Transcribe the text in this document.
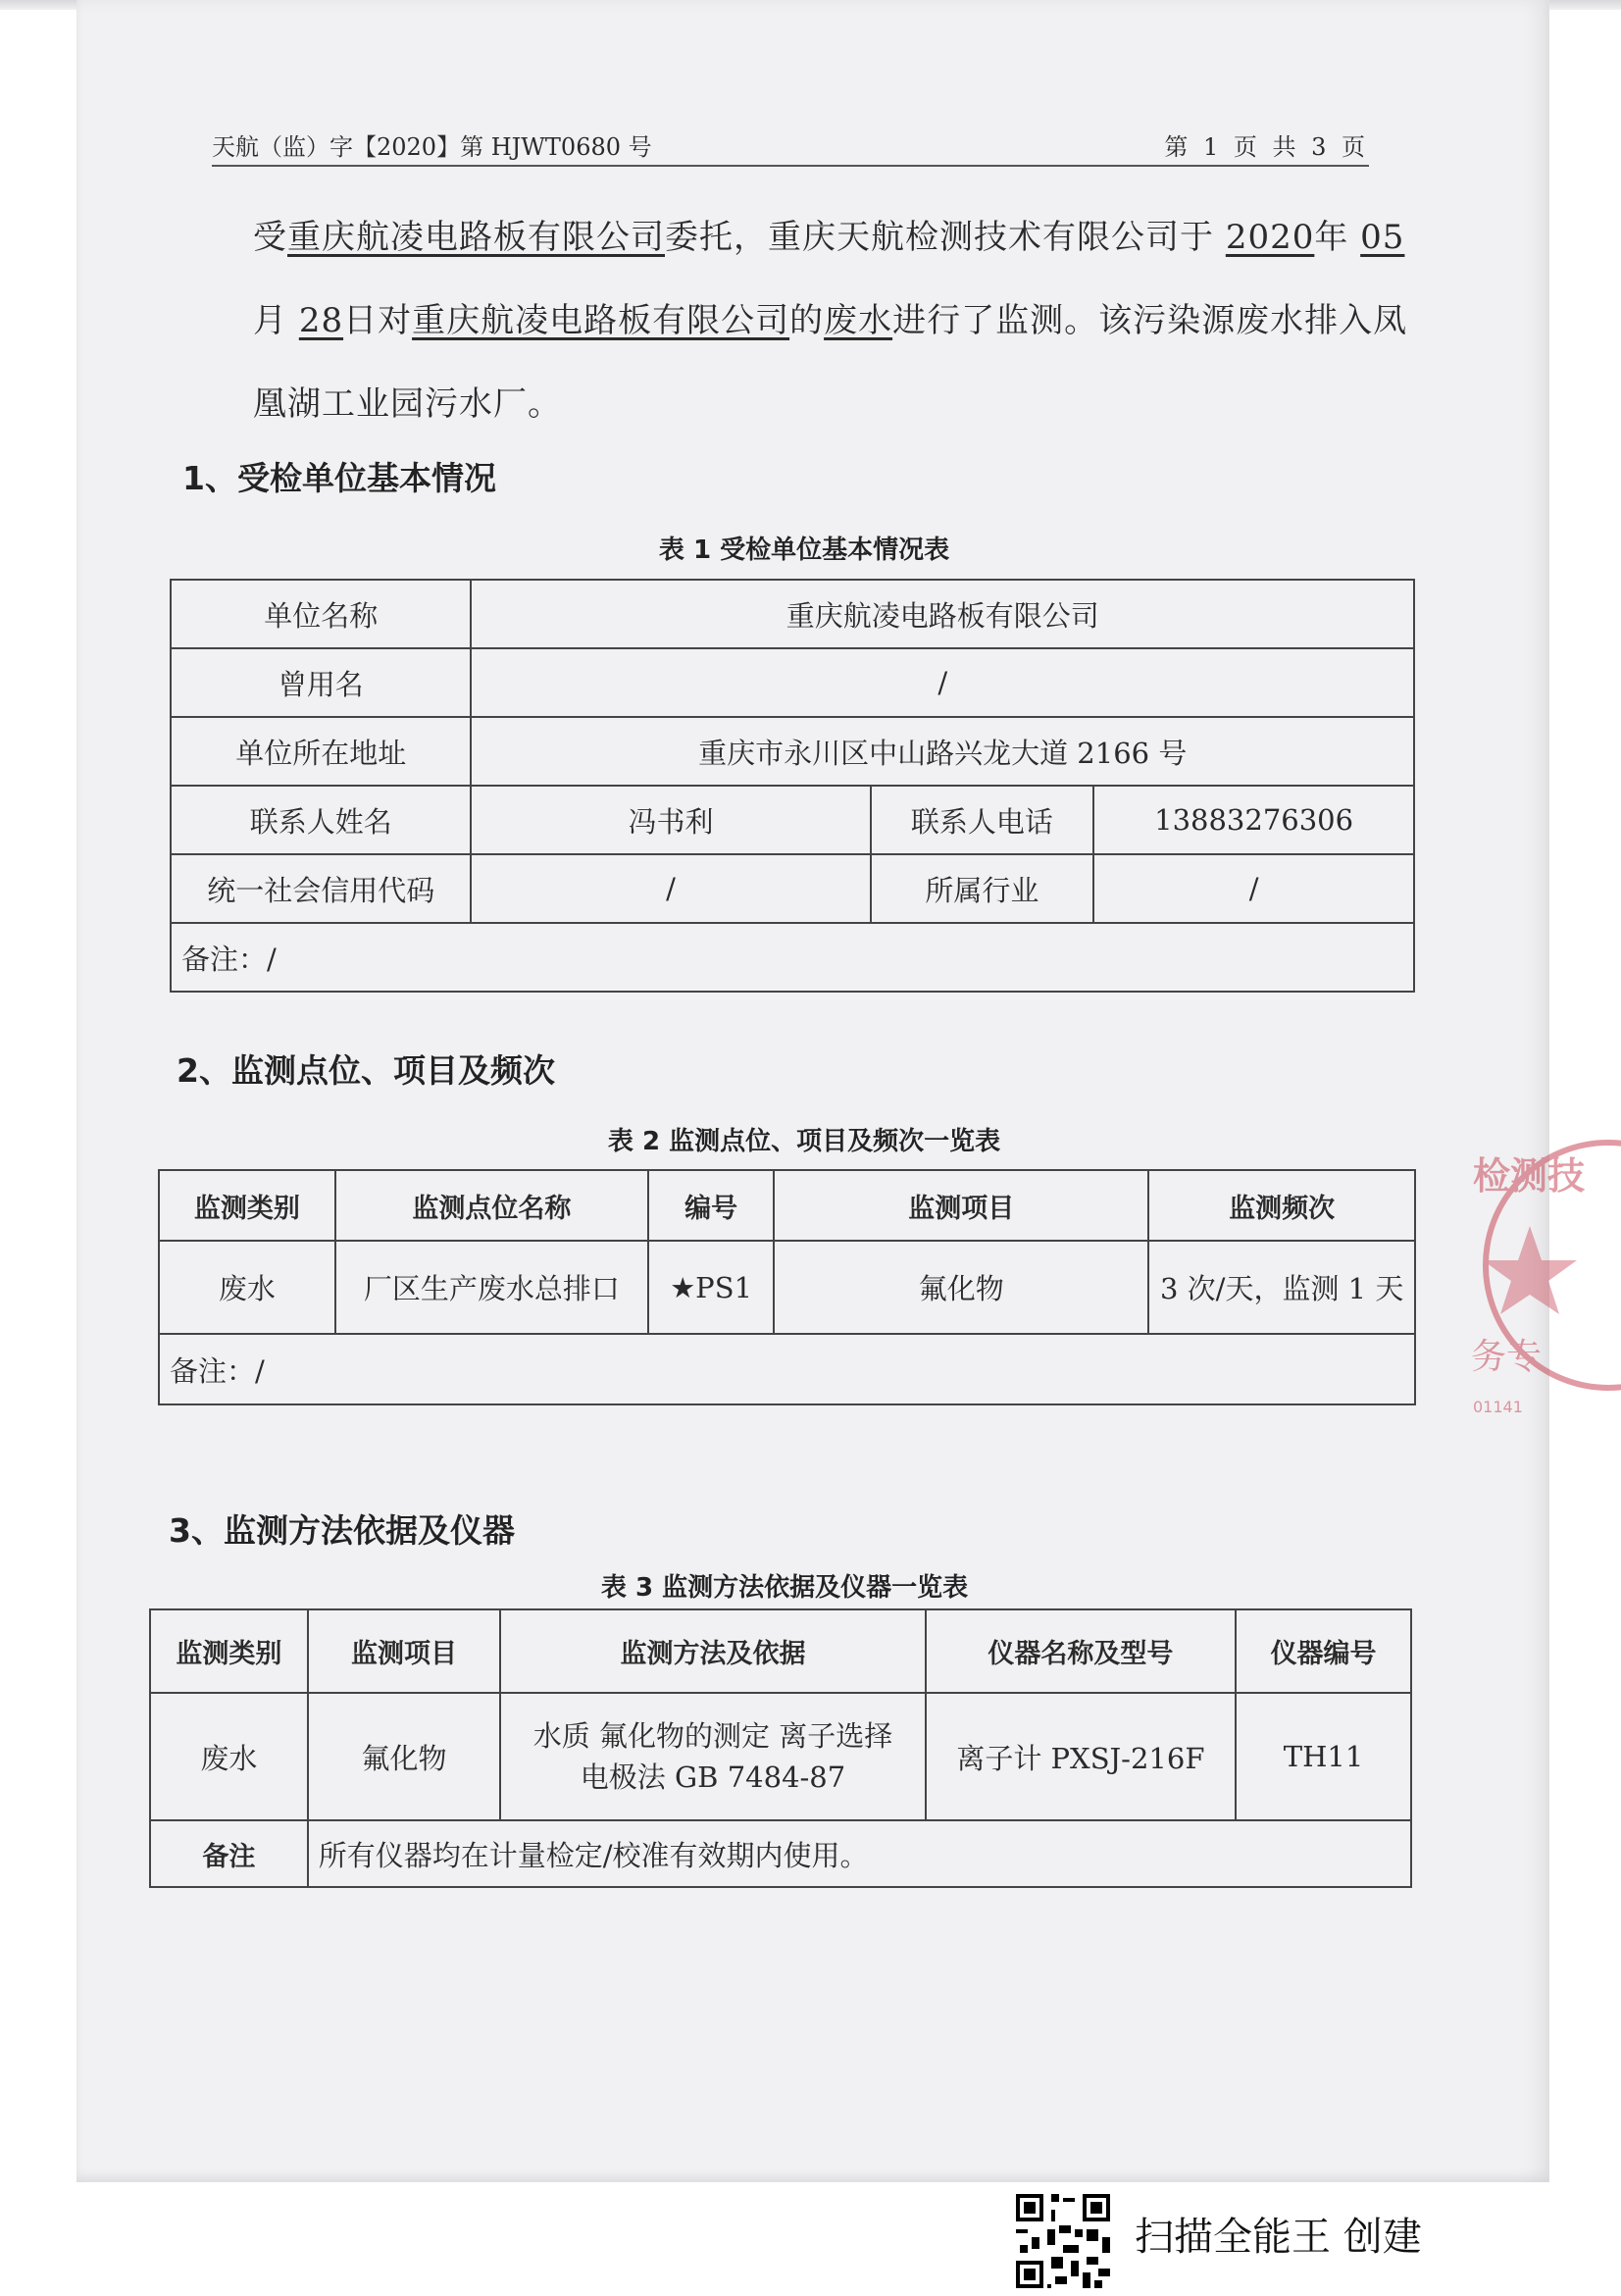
天航（监）字【2020】第 HJWT0680 号	第 1 页 共 3 页

受重庆航凌电路板有限公司委托，重庆天航检测技术有限公司于 2020年 05月 28日对重庆航凌电路板有限公司的废水进行了监测。该污染源废水排入凤凰湖工业园污水厂。

1、受检单位基本情况
表 1 受检单位基本情况表
单位名称	重庆航凌电路板有限公司		
曾用名	/		
单位所在地址	重庆市永川区中山路兴龙大道 2166 号		
联系人姓名	冯书利	联系人电话	13883276306
统一社会信用代码	/	所属行业	/
备注：/			
2、监测点位、项目及频次
表 2 监测点位、项目及频次一览表
监测类别	监测点位名称	编号	监测项目	监测频次
废水	厂区生产废水总排口	★PS1	氟化物	3 次/天，监测 1 天
备注：/				
3、监测方法依据及仪器
表 3 监测方法依据及仪器一览表
监测类别	监测项目	监测方法及依据	仪器名称及型号	仪器编号
废水	氟化物	水质 氟化物的测定 离子选择电极法 GB 7484-87	离子计 PXSJ-216F	TH11
备注	所有仪器均在计量检定/校准有效期内使用。			
检测技
务专
01141
扫描全能王 创建
